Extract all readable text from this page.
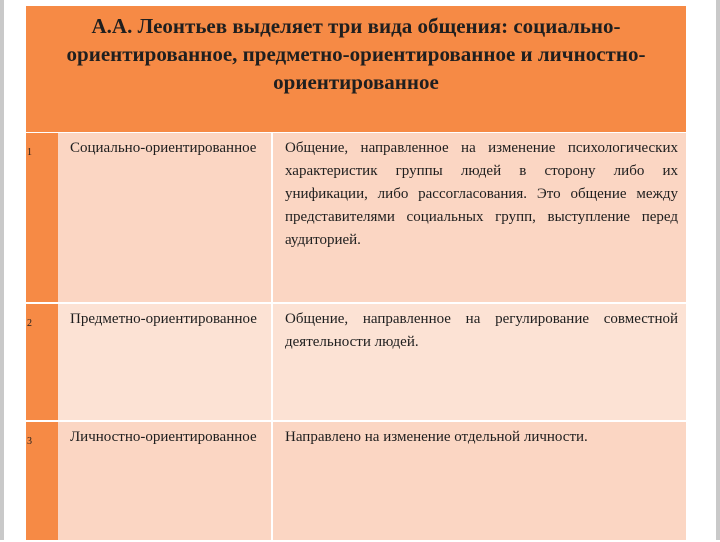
А.А. Леонтьев выделяет три вида общения: социально-ориентированное, предметно-ориентированное и личностно-ориентированное
1	Социально-ориентированное	Общение, направленное на изменение психологических характеристик группы людей в сторону либо их унификации, либо рассогласования. Это общение между представителями социальных групп, выступление перед аудиторией.
2	Предметно-ориентированное	Общение, направленное на регулирование совместной деятельности людей.
3	Личностно-ориентированное	Направлено на изменение отдельной личности.
